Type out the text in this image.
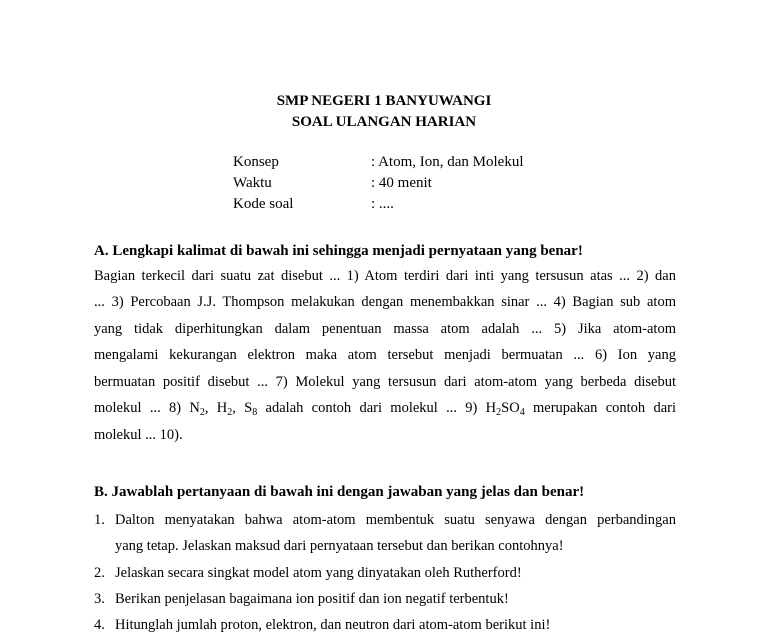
SMP NEGERI 1 BANYUWANGI
SOAL ULANGAN HARIAN
Konsep	: Atom, Ion, dan Molekul
Waktu	: 40 menit
Kode soal	: ....
A. Lengkapi kalimat di bawah ini sehingga menjadi pernyataan yang benar!
Bagian terkecil dari suatu zat disebut ... 1) Atom terdiri dari inti yang tersusun atas ... 2) dan
... 3) Percobaan J.J. Thompson melakukan dengan menembakkan sinar ... 4) Bagian sub atom
yang tidak diperhitungkan dalam penentuan massa atom adalah ... 5) Jika atom-atom
mengalami kekurangan elektron maka atom tersebut menjadi bermuatan ... 6) Ion yang
bermuatan positif disebut ... 7) Molekul yang tersusun dari atom-atom yang berbeda disebut
molekul ... 8) $N_2$, $H_2$, $S_8$ adalah contoh dari molekul ... 9) $H_2SO_4$ merupakan contoh dari
molekul ... 10).
B. Jawablah pertanyaan di bawah ini dengan jawaban yang jelas dan benar!
1. Dalton menyatakan bahwa atom-atom membentuk suatu senyawa dengan perbandingan
yang tetap. Jelaskan maksud dari pernyataan tersebut dan berikan contohnya!
2. Jelaskan secara singkat model atom yang dinyatakan oleh Rutherford!
3. Berikan penjelasan bagaimana ion positif dan ion negatif terbentuk!
4. Hitunglah jumlah proton, elektron, dan neutron dari atom-atom berikut ini!
